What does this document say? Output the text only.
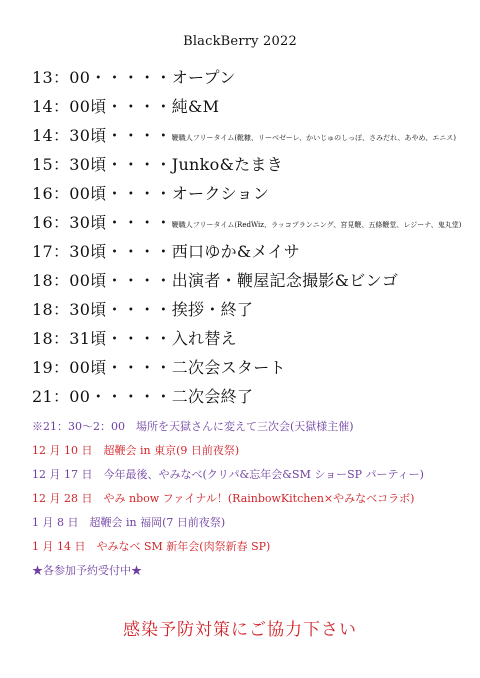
BlackBerry 2022
13：00・・・・・オープン
14：00頃・・・・純&M
14：30頃・・・・鞭職人フリータイム(靴糠、リーベゼーレ、かいじゅのしっぽ、さみだれ、あやめ、エニス)
15：30頃・・・・Junko&たまき
16：00頃・・・・オークション
16：30頃・・・・鞭職人フリータイム(RedWiz、ラッコプランニング、宮見鞭、五條鞭堂、レジーナ、鬼丸堂)
17：30頃・・・・西口ゆか&メイサ
18：00頃・・・・出演者・鞭屋記念撮影&ビンゴ
18：30頃・・・・挨拶・終了
18：31頃・・・・入れ替え
19：00頃・・・・二次会スタート
21：00・・・・・二次会終了
※21：30～2：00　場所を天獄さんに変えて三次会(天獄様主催)
12 月 10 日　超鞭会 in 東京(9 日前夜祭)
12 月 17 日　今年最後、やみなべ(クリパ&忘年会&SM ショーSP パーティー)
12 月 28 日　やみ nbow ファイナル！(RainbowKitchen×やみなべコラボ)
1 月 8 日　超鞭会 in 福岡(7 日前夜祭)
1 月 14 日　やみなべ SM 新年会(肉祭新春 SP)
★各参加予約受付中★
感染予防対策にご協力下さい
